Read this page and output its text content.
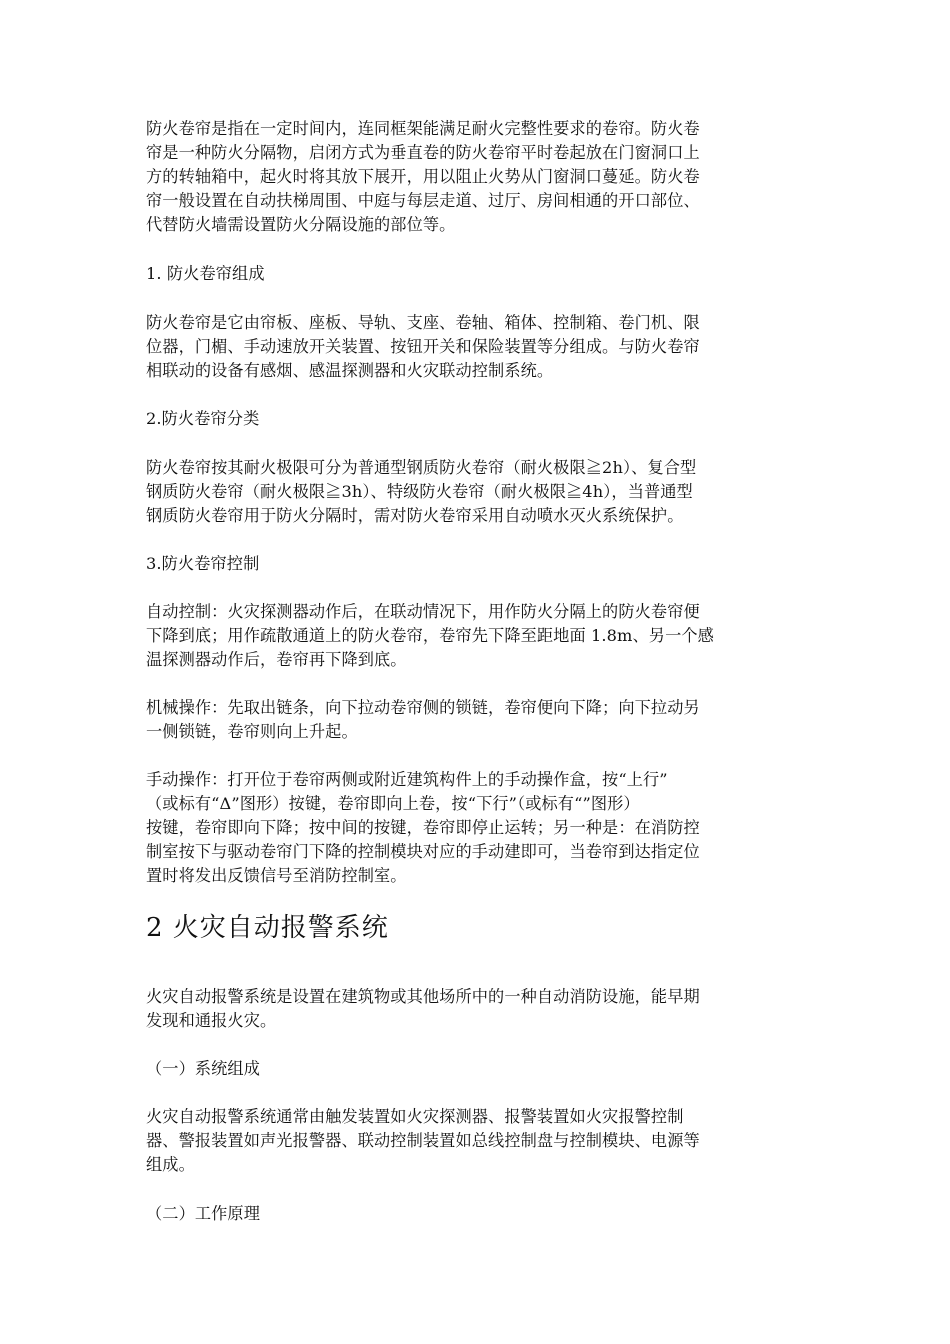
防火卷帘是指在一定时间内，连同框架能满足耐火完整性要求的卷帘。防火卷
帘是一种防火分隔物，启闭方式为垂直卷的防火卷帘平时卷起放在门窗洞口上
方的转轴箱中，起火时将其放下展开，用以阻止火势从门窗洞口蔓延。防火卷
帘一般设置在自动扶梯周围、中庭与每层走道、过厅、房间相通的开口部位、
代替防火墙需设置防火分隔设施的部位等。
1. 防火卷帘组成
防火卷帘是它由帘板、座板、导轨、支座、卷轴、箱体、控制箱、卷门机、限
位器，门楣、手动速放开关装置、按钮开关和保险装置等分组成。与防火卷帘
相联动的设备有感烟、感温探测器和火灾联动控制系统。
2.防火卷帘分类
防火卷帘按其耐火极限可分为普通型钢质防火卷帘（耐火极限≧2h）、复合型
钢质防火卷帘（耐火极限≧3h）、特级防火卷帘（耐火极限≧4h），当普通型
钢质防火卷帘用于防火分隔时，需对防火卷帘采用自动喷水灭火系统保护。
3.防火卷帘控制
自动控制：火灾探测器动作后，在联动情况下，用作防火分隔上的防火卷帘便
下降到底；用作疏散通道上的防火卷帘，卷帘先下降至距地面 1.8m、另一个感
温探测器动作后，卷帘再下降到底。
机械操作：先取出链条，向下拉动卷帘侧的锁链，卷帘便向下降；向下拉动另
一侧锁链，卷帘则向上升起。
手动操作：打开位于卷帘两侧或附近建筑构件上的手动操作盒，按“上行”
（或标有“Δ”图形）按键，卷帘即向上卷，按“下行”（或标有“”图形）
按键，卷帘即向下降；按中间的按键，卷帘即停止运转；另一种是：在消防控
制室按下与驱动卷帘门下降的控制模块对应的手动建即可，当卷帘到达指定位
置时将发出反馈信号至消防控制室。
2 火灾自动报警系统
火灾自动报警系统是设置在建筑物或其他场所中的一种自动消防设施，能早期
发现和通报火灾。
（一）系统组成
火灾自动报警系统通常由触发装置如火灾探测器、报警装置如火灾报警控制
器、警报装置如声光报警器、联动控制装置如总线控制盘与控制模块、电源等
组成。
（二）工作原理
